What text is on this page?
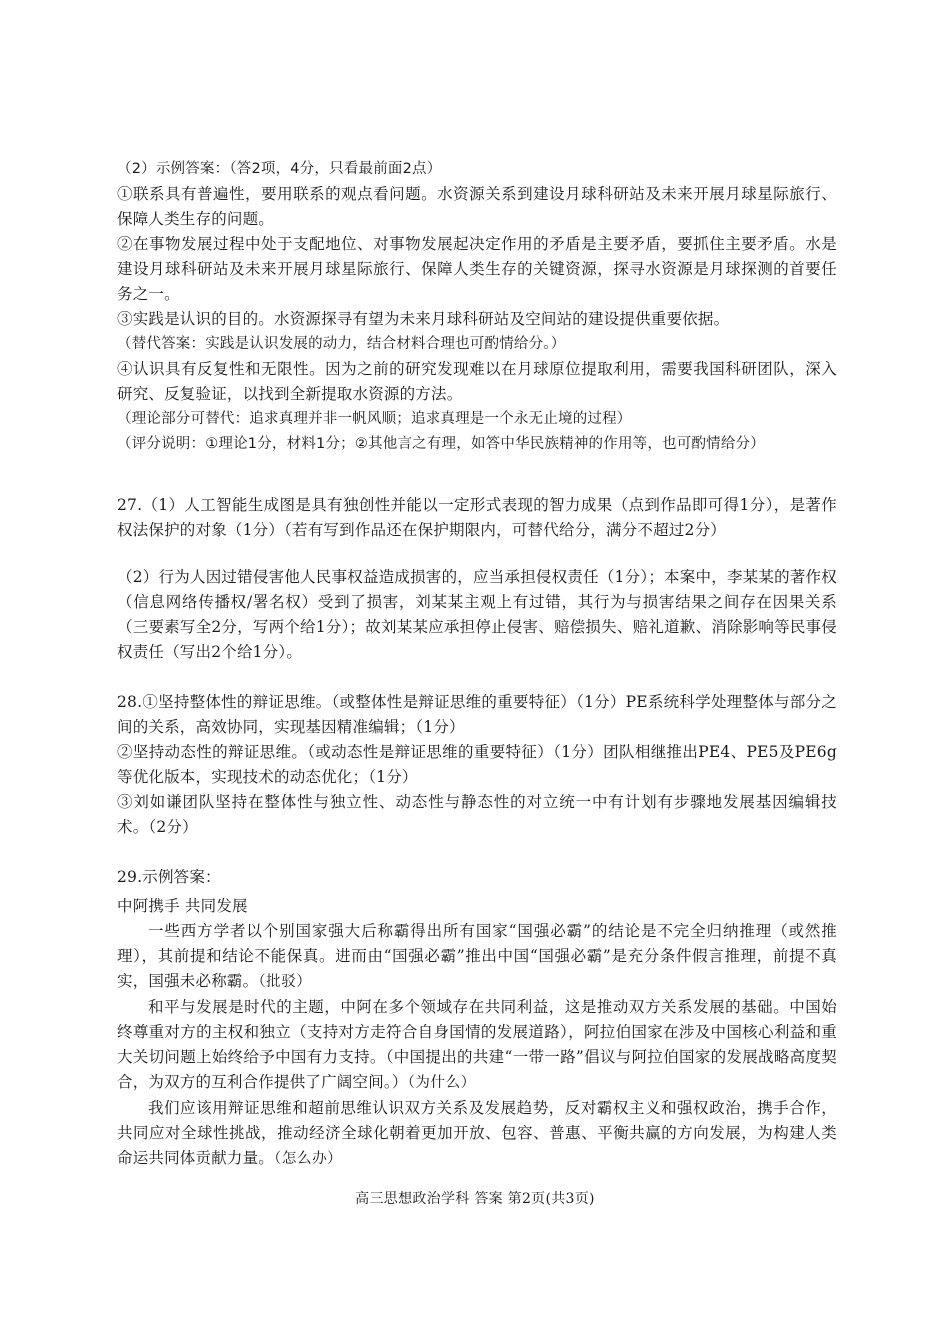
（2）示例答案：（答2项，4分，只看最前面2点）

①联系具有普遍性，要用联系的观点看问题。水资源关系到建设月球科研站及未来开展月球星际旅行、保障人类生存的问题。

②在事物发展过程中处于支配地位、对事物发展起决定作用的矛盾是主要矛盾，要抓住主要矛盾。水是建设月球科研站及未来开展月球星际旅行、保障人类生存的关键资源，探寻水资源是月球探测的首要任务之一。

③实践是认识的目的。水资源探寻有望为未来月球科研站及空间站的建设提供重要依据。

（替代答案：实践是认识发展的动力，结合材料合理也可酌情给分。）

④认识具有反复性和无限性。因为之前的研究发现难以在月球原位提取利用，需要我国科研团队，深入研究、反复验证，以找到全新提取水资源的方法。

（理论部分可替代：追求真理并非一帆风顺；追求真理是一个永无止境的过程）

（评分说明：①理论1分，材料1分；②其他言之有理，如答中华民族精神的作用等，也可酌情给分）

27.（1）人工智能生成图是具有独创性并能以一定形式表现的智力成果（点到作品即可得1分），是著作权法保护的对象（1分）（若有写到作品还在保护期限内，可替代给分，满分不超过2分）

（2）行为人因过错侵害他人民事权益造成损害的，应当承担侵权责任（1分）；本案中，李某某的著作权（信息网络传播权/署名权）受到了损害，刘某某主观上有过错，其行为与损害结果之间存在因果关系（三要素写全2分，写两个给1分）；故刘某某应承担停止侵害、赔偿损失、赔礼道歉、消除影响等民事侵权责任（写出2个给1分）。

28.①坚持整体性的辩证思维。（或整体性是辩证思维的重要特征）（1分）PE系统科学处理整体与部分之间的关系，高效协同，实现基因精准编辑；（1分）

②坚持动态性的辩证思维。（或动态性是辩证思维的重要特征）（1分）团队相继推出PE4、PE5及PE6g等优化版本，实现技术的动态优化；（1分）

③刘如谦团队坚持在整体性与独立性、动态性与静态性的对立统一中有计划有步骤地发展基因编辑技术。（2分）

29.示例答案：

中阿携手 共同发展

一些西方学者以个别国家强大后称霸得出所有国家“国强必霸”的结论是不完全归纳推理（或然推理），其前提和结论不能保真。进而由“国强必霸”推出中国“国强必霸”是充分条件假言推理，前提不真实，国强未必称霸。（批驳）

和平与发展是时代的主题，中阿在多个领域存在共同利益，这是推动双方关系发展的基础。中国始终尊重对方的主权和独立（支持对方走符合自身国情的发展道路），阿拉伯国家在涉及中国核心利益和重大关切问题上始终给予中国有力支持。（中国提出的共建“一带一路”倡议与阿拉伯国家的发展战略高度契合，为双方的互利合作提供了广阔空间。）（为什么）

我们应该用辩证思维和超前思维认识双方关系及发展趋势，反对霸权主义和强权政治，携手合作，共同应对全球性挑战，推动经济全球化朝着更加开放、包容、普惠、平衡共赢的方向发展，为构建人类命运共同体贡献力量。（怎么办）

高三思想政治学科 答案 第2页(共3页)
